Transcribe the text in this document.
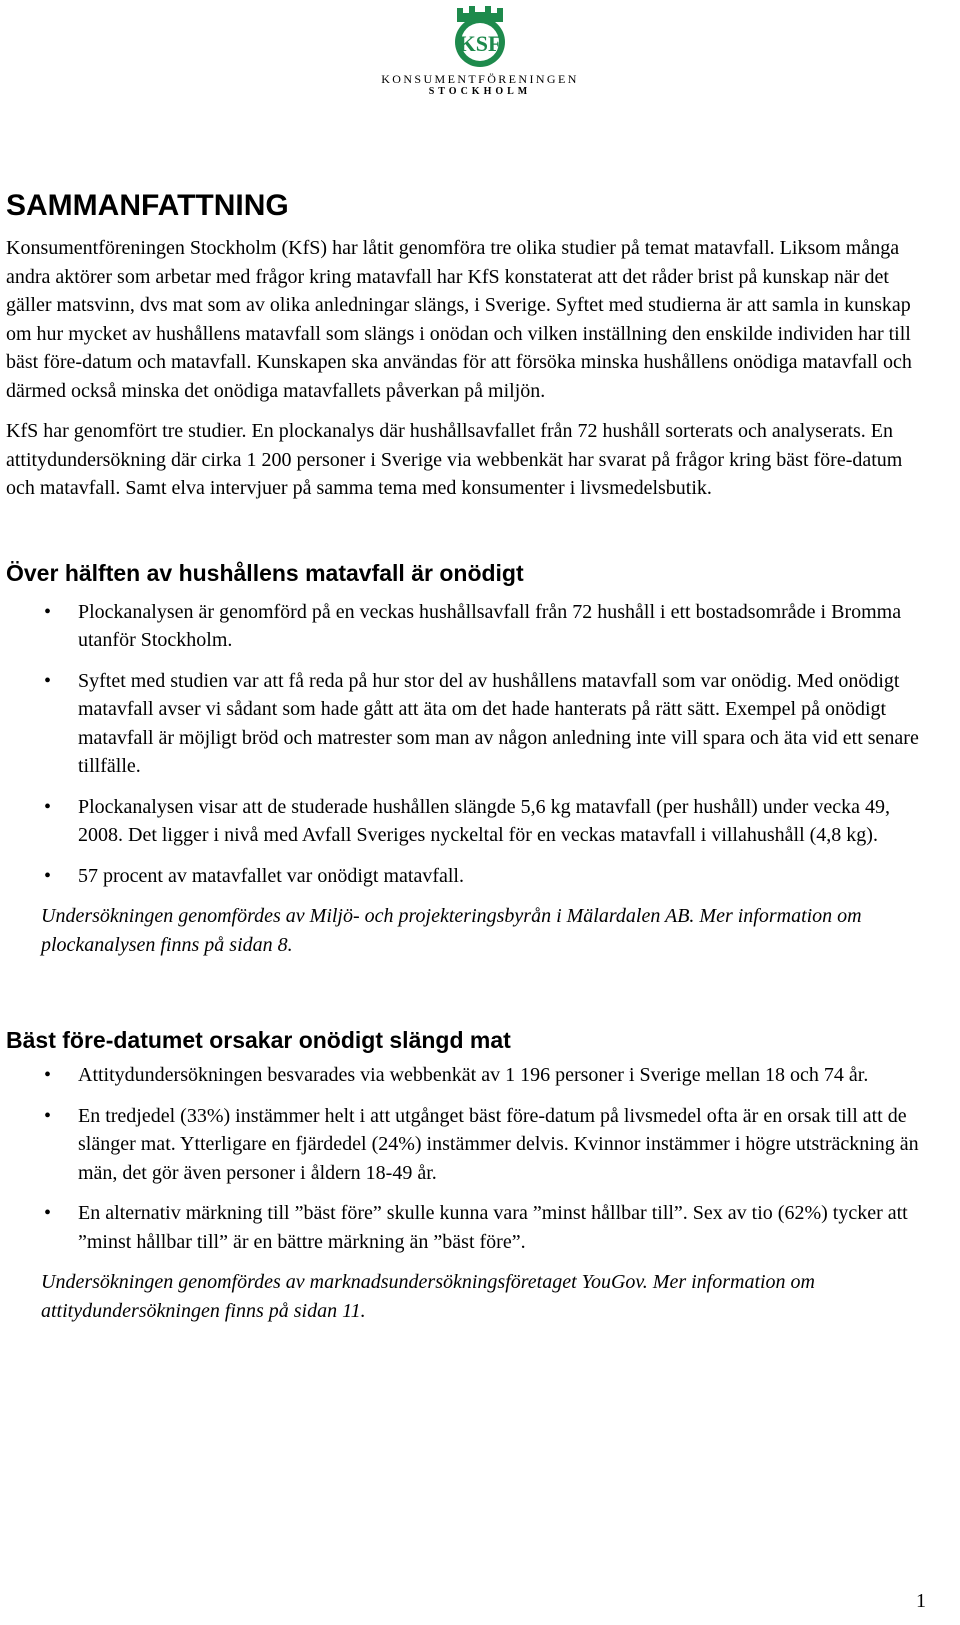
KSF
KONSUMENTFÖRENINGEN
STOCKHOLM
SAMMANFATTNING

Konsumentföreningen Stockholm (KfS) har låtit genomföra tre olika studier på temat matavfall. Liksom många andra aktörer som arbetar med frågor kring matavfall har KfS konstaterat att det råder brist på kunskap när det gäller matsvinn, dvs mat som av olika anledningar slängs, i Sverige. Syftet med studierna är att samla in kunskap om hur mycket av hushållens matavfall som slängs i onödan och vilken inställning den enskilde individen har till bäst före-datum och matavfall. Kunskapen ska användas för att försöka minska hushållens onödiga matavfall och därmed också minska det onödiga matavfallets påverkan på miljön.

KfS har genomfört tre studier. En plockanalys där hushållsavfallet från 72 hushåll sorterats och analyserats. En attitydundersökning där cirka 1 200 personer i Sverige via webbenkät har svarat på frågor kring bäst före-datum och matavfall. Samt elva intervjuer på samma tema med konsumenter i livsmedelsbutik.

Över hälften av hushållens matavfall är onödigt
• Plockanalysen är genomförd på en veckas hushållsavfall från 72 hushåll i ett bostadsområde i Bromma utanför Stockholm.
• Syftet med studien var att få reda på hur stor del av hushållens matavfall som var onödig. Med onödigt matavfall avser vi sådant som hade gått att äta om det hade hanterats på rätt sätt. Exempel på onödigt matavfall är möjligt bröd och matrester som man av någon anledning inte vill spara och äta vid ett senare tillfälle.
• Plockanalysen visar att de studerade hushållen slängde 5,6 kg matavfall (per hushåll) under vecka 49, 2008. Det ligger i nivå med Avfall Sveriges nyckeltal för en veckas matavfall i villahushåll (4,8 kg).
• 57 procent av matavfallet var onödigt matavfall.
Undersökningen genomfördes av Miljö- och projekteringsbyrån i Mälardalen AB. Mer information om plockanalysen finns på sidan 8.
Bäst före-datumet orsakar onödigt slängd mat
• Attitydundersökningen besvarades via webbenkät av 1 196 personer i Sverige mellan 18 och 74 år.
• En tredjedel (33%) instämmer helt i att utgånget bäst före-datum på livsmedel ofta är en orsak till att de slänger mat. Ytterligare en fjärdedel (24%) instämmer delvis. Kvinnor instämmer i högre utsträckning än män, det gör även personer i åldern 18-49 år.
• En alternativ märkning till ”bäst före” skulle kunna vara ”minst hållbar till”. Sex av tio (62%) tycker att ”minst hållbar till” är en bättre märkning än ”bäst före”.
Undersökningen genomfördes av marknadsundersökningsföretaget YouGov. Mer information om attitydundersökningen finns på sidan 11.
1
